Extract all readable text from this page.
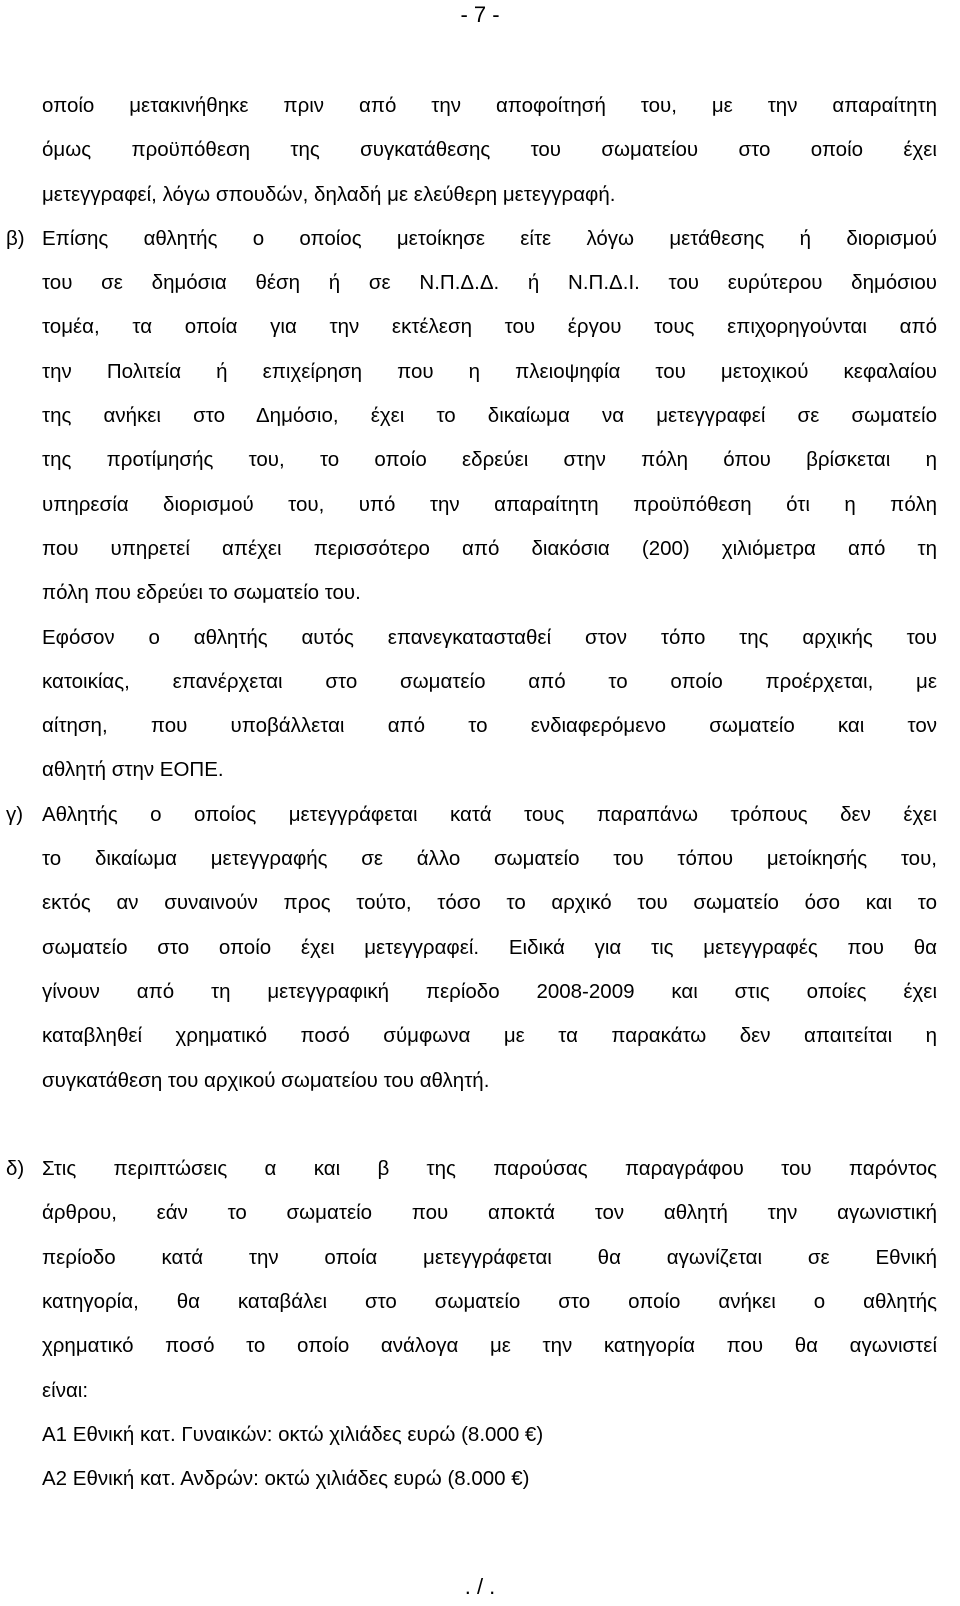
- 7 -
οποίο μετακινήθηκε πριν από την αποφοίτησή του, με την απαραίτητη
όμως προϋπόθεση της συγκατάθεσης του σωματείου στο οποίο έχει
μετεγγραφεί, λόγω σπουδών, δηλαδή με ελεύθερη μετεγγραφή.
β) Επίσης αθλητής ο οποίος μετοίκησε είτε λόγω μετάθεσης ή διορισμού
του σε δημόσια θέση ή σε Ν.Π.Δ.Δ. ή Ν.Π.Δ.Ι. του ευρύτερου δημόσιου
τομέα, τα οποία για την εκτέλεση του έργου τους επιχορηγούνται από
την Πολιτεία ή επιχείρηση που η πλειοψηφία του μετοχικού κεφαλαίου
της ανήκει στο Δημόσιο, έχει το δικαίωμα να μετεγγραφεί σε σωματείο
της προτίμησής του, το οποίο εδρεύει στην πόλη όπου βρίσκεται η
υπηρεσία διορισμού του, υπό την απαραίτητη προϋπόθεση ότι η πόλη
που υπηρετεί απέχει περισσότερο από διακόσια (200) χιλιόμετρα από τη
πόλη που εδρεύει το σωματείο του.
Εφόσον ο αθλητής αυτός επανεγκατασταθεί στον τόπο της αρχικής του
κατοικίας, επανέρχεται στο σωματείο από το οποίο προέρχεται, με
αίτηση, που υποβάλλεται από το ενδιαφερόμενο σωματείο και τον
αθλητή στην ΕΟΠΕ.
γ) Αθλητής ο οποίος μετεγγράφεται κατά τους παραπάνω τρόπους δεν έχει
το δικαίωμα μετεγγραφής σε άλλο σωματείο του τόπου μετοίκησής του,
εκτός αν συναινούν προς τούτο, τόσο το αρχικό του σωματείο όσο και το
σωματείο στο οποίο έχει μετεγγραφεί. Ειδικά για τις μετεγγραφές που θα
γίνουν από τη μετεγγραφική περίοδο 2008-2009 και στις οποίες έχει
καταβληθεί χρηματικό ποσό σύμφωνα με τα παρακάτω δεν απαιτείται η
συγκατάθεση του αρχικού σωματείου του αθλητή.
δ) Στις περιπτώσεις α και β της παρούσας παραγράφου του παρόντος
άρθρου, εάν το σωματείο που αποκτά τον αθλητή την αγωνιστική
περίοδο κατά την οποία μετεγγράφεται θα αγωνίζεται σε Εθνική
κατηγορία, θα καταβάλει στο σωματείο στο οποίο ανήκει ο αθλητής
χρηματικό ποσό το οποίο ανάλογα με την κατηγορία που θα αγωνιστεί
είναι:
Α1 Εθνική κατ. Γυναικών: οκτώ χιλιάδες ευρώ (8.000 €)
Α2 Εθνική κατ. Ανδρών: οκτώ χιλιάδες ευρώ (8.000 €)
. / .
